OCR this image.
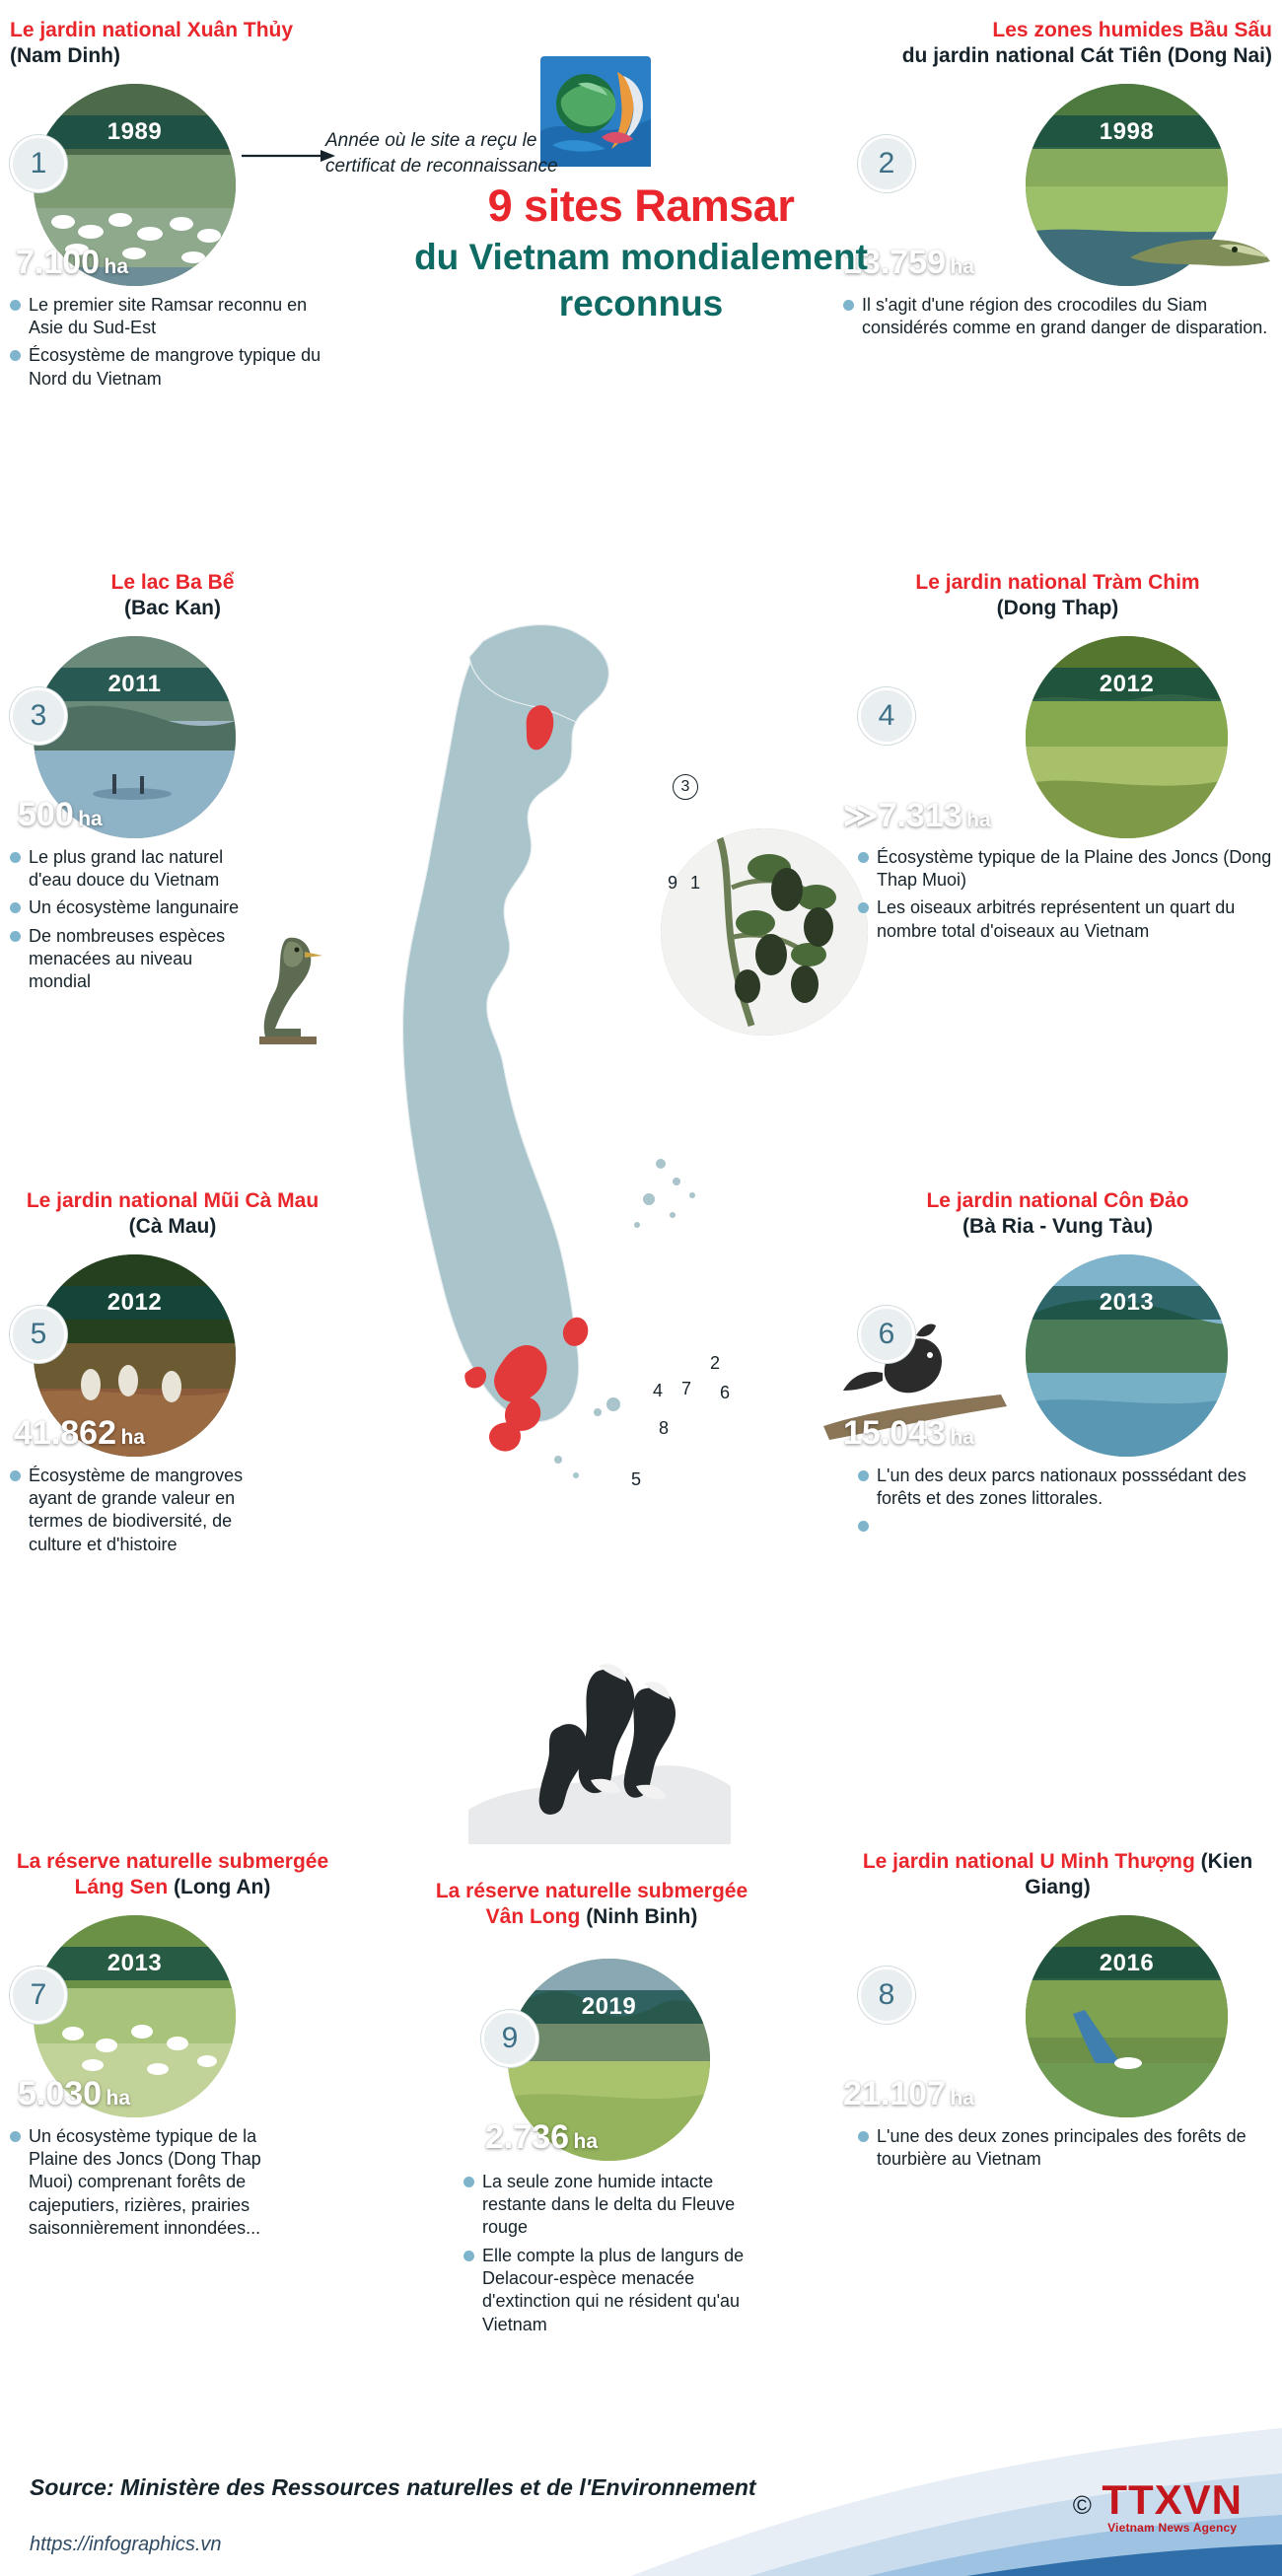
3
9 1
2
4 7 6
8
5
9 sites Ramsar
du Vietnam mondialement reconnus
Année où le site a reçu le certificat de reconnaissance
Le jardin national Xuân Thủy
(Nam Dinh)
1989
1
7.100 ha
Le premier site Ramsar reconnu en Asie du Sud-Est
Écosystème de mangrove typique du Nord du Vietnam
Les zones humides Bầu Sấu
du jardin national Cát Tiên (Dong Nai)
1998
2
13.759 ha
Il s'agit d'une région des crocodiles du Siam considérés comme en grand danger de disparation.
Le lac Ba Bể
(Bac Kan)
2011
3
500 ha
Le plus grand lac naturel d'eau douce du Vietnam
Un écosystème langunaire
De nombreuses espèces menacées au niveau mondial
Le jardin national Tràm Chim
(Dong Thap)
2012
4
≫7.313 ha
Écosystème typique de la Plaine des Joncs (Dong Thap Muoi)
Les oiseaux arbitrés représentent un quart du nombre total d'oiseaux au Vietnam
Le jardin national Mũi Cà Mau (Cà Mau)
2012
5
41.862 ha
Écosystème de mangroves ayant de grande valeur en termes de biodiversité, de culture et d'histoire
Le jardin national Côn Đảo
(Bà Ria - Vung Tàu)
2013
6
15.043 ha
L'un des deux parcs nationaux posssédant des forêts et des zones littorales.
La réserve naturelle submergée Láng Sen (Long An)
2013
7
5.030 ha
Un écosystème typique de la Plaine des Joncs (Dong Thap Muoi) comprenant forêts de cajeputiers, rizières, prairies saisonnièrement innondées...
La réserve naturelle submergée Vân Long (Ninh Binh)
2019
9
2.736 ha
La seule zone humide intacte restante dans le delta du Fleuve rouge
Elle compte la plus de langurs de Delacour-espèce menacée d'extinction qui ne résident qu'au Vietnam
Le jardin national U Minh Thượng (Kien Giang)
2016
8
21.107 ha
L'une des deux zones principales des forêts de tourbière au Vietnam
Source: Ministère des Ressources naturelles et de l'Environnement
https://infographics.vn
© TTXVN
Vietnam News Agency
